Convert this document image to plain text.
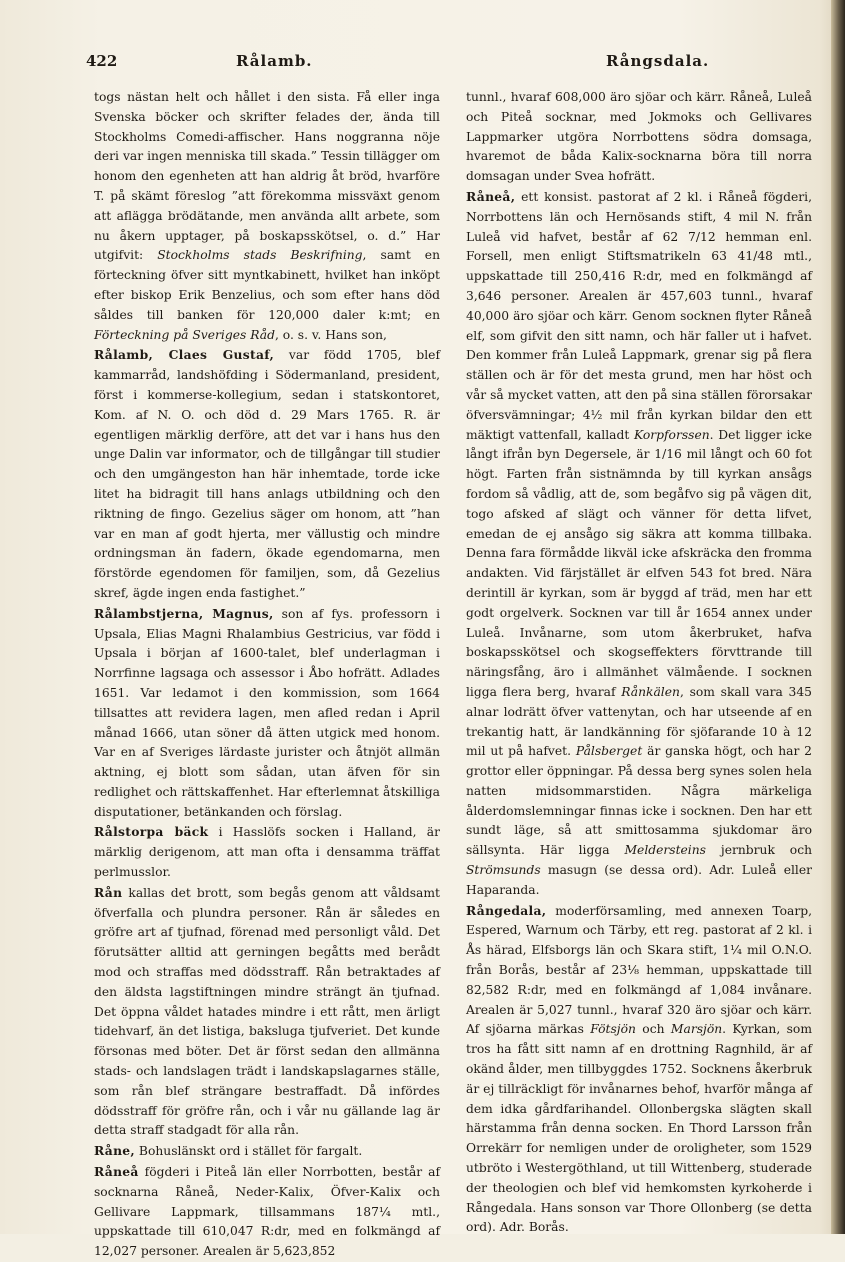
422	Rålamb.	Rångsdala.

togs nästan helt och hållet i den sista. Få eller inga Svenska böcker och skrifter felades der, ända till Stockholms Comedi-affischer. Hans noggranna nöje deri var ingen menniska till skada.” Tessin tillägger om honom den egenheten att han aldrig åt bröd, hvarföre T. på skämt föreslog ”att förekomma missväxt genom att aflägga brödätande, men använda allt arbete, som nu åkern upptager, på boskapsskötsel, o. d.” Har utgifvit: Stockholms stads Beskrifning, samt en förteckning öfver sitt myntkabinett, hvilket han inköpt efter biskop Erik Benzelius, och som efter hans död såldes till banken för 120,000 daler k:mt; en Förteckning på Sveriges Råd, o. s. v. Hans son,

Rålamb, Claes Gustaf, var född 1705, blef kammarråd, landshöfding i Södermanland, president, först i kommerse-kollegium, sedan i statskontoret, Kom. af N. O. och död d. 29 Mars 1765. R. är egentligen märklig derföre, att det var i hans hus den unge Dalin var informator, och de tillgångar till studier och den umgängeston han här inhemtade, torde icke litet ha bidragit till hans anlags utbildning och den riktning de fingo. Gezelius säger om honom, att ”han var en man af godt hjerta, mer vällustig och mindre ordningsman än fadern, ökade egendomarna, men förstörde egendomen för familjen, som, då Gezelius skref, ägde ingen enda fastighet.”

Rålambstjerna, Magnus, son af fys. professorn i Upsala, Elias Magni Rhalambius Gestricius, var född i Upsala i början af 1600-talet, blef underlagman i Norrfinne lagsaga och assessor i Åbo hofrätt. Adlades 1651. Var ledamot i den kommission, som 1664 tillsattes att revidera lagen, men afled redan i April månad 1666, utan söner då ätten utgick med honom. Var en af Sveriges lärdaste jurister och åtnjöt allmän aktning, ej blott som sådan, utan äfven för sin redlighet och rättskaffenhet. Har efterlemnat åtskilliga disputationer, betänkanden och förslag.

Rålstorpa bäck i Hasslöfs socken i Halland, är märklig derigenom, att man ofta i densamma träffat perlmusslor.

Rån kallas det brott, som begås genom att våldsamt öfverfalla och plundra personer. Rån är således en gröfre art af tjufnad, förenad med personligt våld. Det förutsätter alltid att gerningen begåtts med berådt mod och straffas med dödsstraff. Rån betraktades af den äldsta lagstiftningen mindre strängt än tjufnad. Det öppna våldet hatades mindre i ett rått, men ärligt tidehvarf, än det listiga, baksluga tjufveriet. Det kunde försonas med böter. Det är först sedan den allmänna stads- och landslagen trädt i landskapslagarnes ställe, som rån blef strängare bestraffadt. Då infördes dödsstraff för gröfre rån, och i vår nu gällande lag är detta straff stadgadt för alla rån.

Råne, Bohuslänskt ord i stället för fargalt.

Råneå fögderi i Piteå län eller Norrbotten, består af socknarna Råneå, Neder-Kalix, Öfver-Kalix och Gellivare Lappmark, tillsammans 187¼ mtl., uppskattade till 610,047 R:dr, med en folkmängd af 12,027 personer. Arealen är 5,623,852

tunnl., hvaraf 608,000 äro sjöar och kärr. Råneå, Luleå och Piteå socknar, med Jokmoks och Gellivares Lappmarker utgöra Norrbottens södra domsaga, hvaremot de båda Kalix-socknarna böra till norra domsagan under Svea hofrätt.

Råneå, ett konsist. pastorat af 2 kl. i Råneå fögderi, Norrbottens län och Hernösands stift, 4 mil N. från Luleå vid hafvet, består af 62 7/12 hemman enl. Forsell, men enligt Stiftsmatrikeln 63 41/48 mtl., uppskattade till 250,416 R:dr, med en folkmängd af 3,646 personer. Arealen är 457,603 tunnl., hvaraf 40,000 äro sjöar och kärr. Genom socknen flyter Råneå elf, som gifvit den sitt namn, och här faller ut i hafvet. Den kommer från Luleå Lappmark, grenar sig på flera ställen och är för det mesta grund, men har höst och vår så mycket vatten, att den på sina ställen förorsakar öfversvämningar; 4½ mil från kyrkan bildar den ett mäktigt vattenfall, kalladt Korpforssen. Det ligger icke långt ifrån byn Degersele, är 1/16 mil långt och 60 fot högt. Farten från sistnämnda by till kyrkan ansågs fordom så vådlig, att de, som begåfvo sig på vägen dit, togo afsked af slägt och vänner för detta lifvet, emedan de ej ansågo sig säkra att komma tillbaka. Denna fara förmådde likväl icke afskräcka den fromma andakten. Vid färjstället är elfven 543 fot bred. Nära derintill är kyrkan, som är byggd af träd, men har ett godt orgelverk. Socknen var till år 1654 annex under Luleå. Invånarne, som utom åkerbruket, hafva boskapsskötsel och skogseffekters förvttrande till näringsfång, äro i allmänhet välmående. I socknen ligga flera berg, hvaraf Rånkälen, som skall vara 345 alnar lodrätt öfver vattenytan, och har utseende af en trekantig hatt, är landkänning för sjöfarande 10 à 12 mil ut på hafvet. Pålsberget är ganska högt, och har 2 grottor eller öppningar. På dessa berg synes solen hela natten midsommarstiden. Några märkeliga ålderdomslemningar finnas icke i socknen. Den har ett sundt läge, så att smittosamma sjukdomar äro sällsynta. Här ligga Meldersteins jernbruk och Strömsunds masugn (se dessa ord). Adr. Luleå eller Haparanda.

Rångedala, moderförsamling, med annexen Toarp, Espered, Warnum och Tärby, ett reg. pastorat af 2 kl. i Ås härad, Elfsborgs län och Skara stift, 1¼ mil O.N.O. från Borås, består af 23⅛ hemman, uppskattade till 82,582 R:dr, med en folkmängd af 1,084 invånare. Arealen är 5,027 tunnl., hvaraf 320 äro sjöar och kärr. Af sjöarna märkas Fötsjön och Marsjön. Kyrkan, som tros ha fått sitt namn af en drottning Ragnhild, är af okänd ålder, men tillbyggdes 1752. Socknens åkerbruk är ej tillräckligt för invånarnes behof, hvarför många af dem idka gårdfarihandel. Ollonbergska slägten skall härstamma från denna socken. En Thord Larsson från Orrekärr for nemligen under de oroligheter, som 1529 utbröto i Westergöthland, ut till Wittenberg, studerade der theologien och blef vid hemkomsten kyrkoherde i Rångedala. Hans sonson var Thore Ollonberg (se detta ord). Adr. Borås.
